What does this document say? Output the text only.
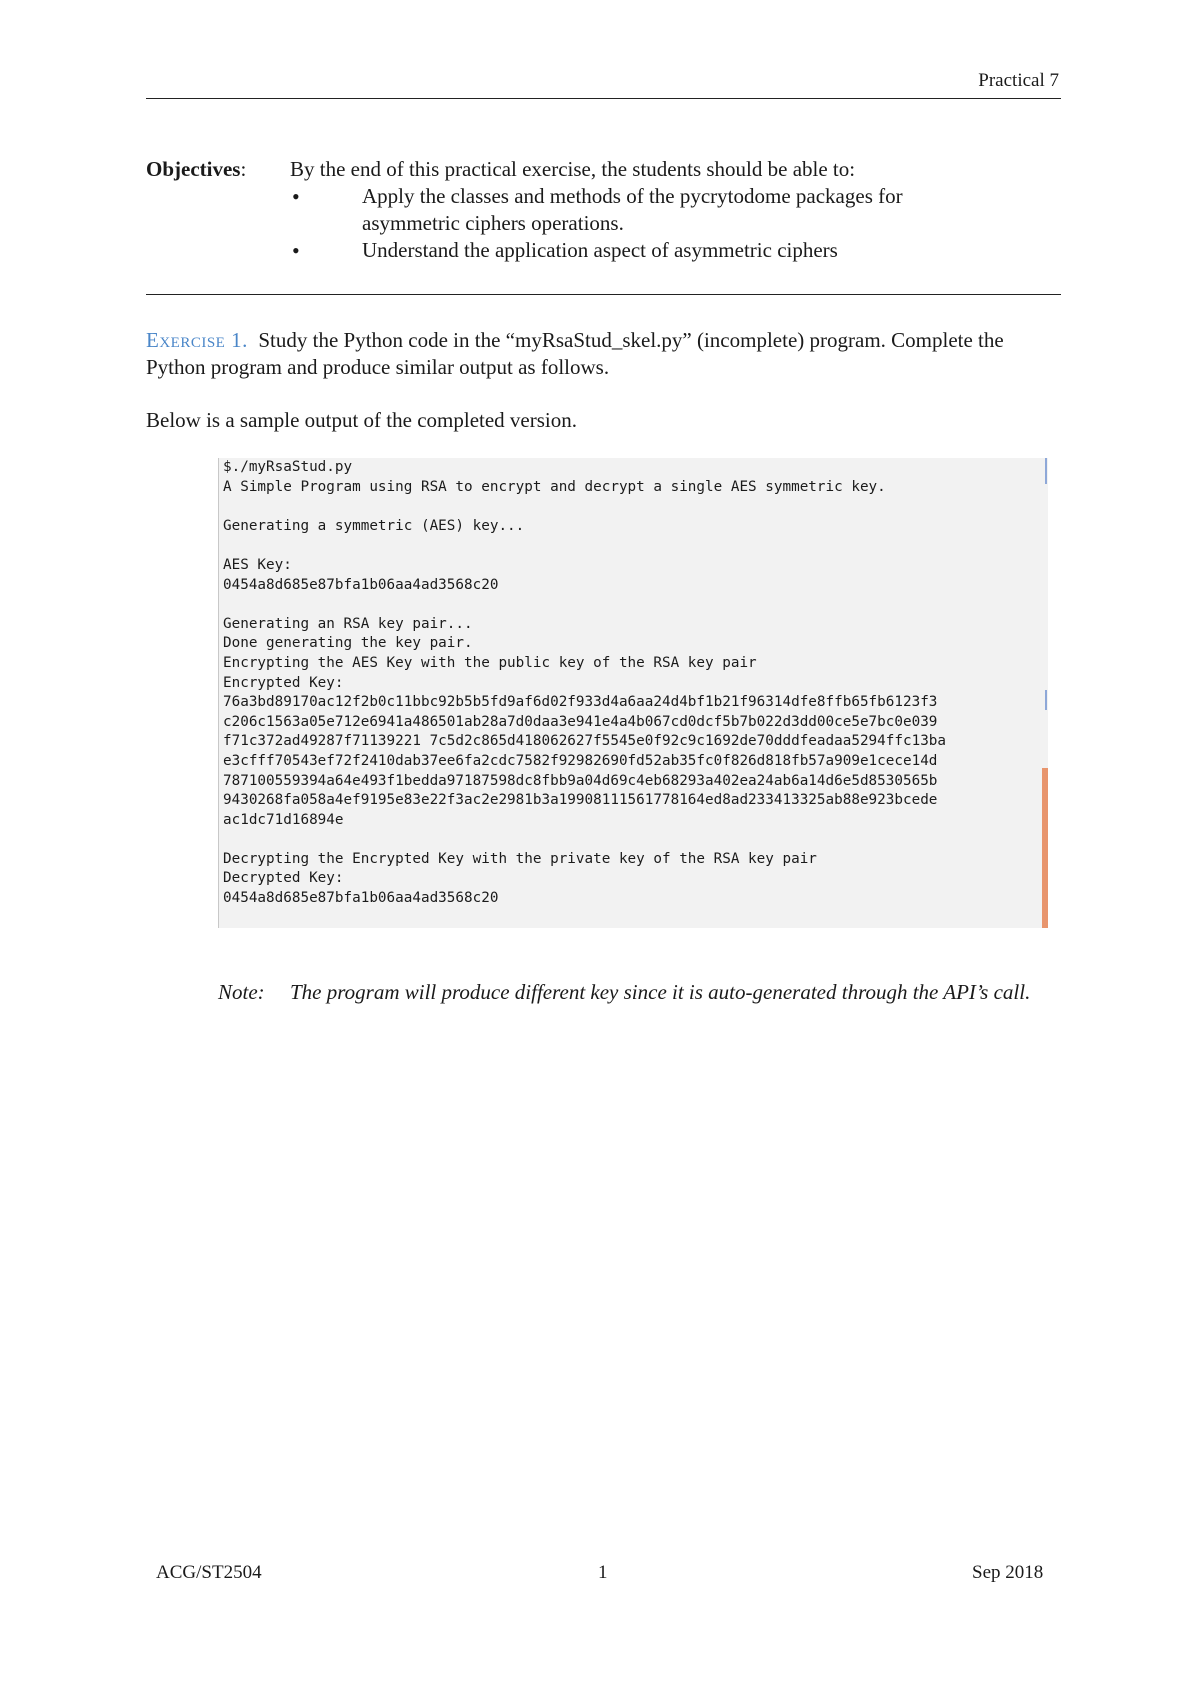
Practical 7
Objectives: By the end of this practical exercise, the students should be able to:
•	Apply the classes and methods of the pycrytodome packages for asymmetric ciphers operations.
•	Understand the application aspect of asymmetric ciphers
Exercise 1. Study the Python code in the “myRsaStud_skel.py” (incomplete) program. Complete the Python program and produce similar output as follows.
Below is a sample output of the completed version.
$./myRsaStud.py
A Simple Program using RSA to encrypt and decrypt a single AES symmetric key.
Generating a symmetric (AES) key...
AES Key:
0454a8d685e87bfa1b06aa4ad3568c20
Generating an RSA key pair...
Done generating the key pair.
Encrypting the AES Key with the public key of the RSA key pair
Encrypted Key:
76a3bd89170ac12f2b0c11bbc92b5b5fd9af6d02f933d4a6aa24d4bf1b21f96314dfe8ffb65fb6123f3
c206c1563a05e712e6941a486501ab28a7d0daa3e941e4a4b067cd0dcf5b7b022d3dd00ce5e7bc0e039
f71c372ad49287f71139221 7c5d2c865d418062627f5545e0f92c9c1692de70dddfeadaa5294ffc13ba
e3cfff70543ef72f2410dab37ee6fa2cdc7582f92982690fd52ab35fc0f826d818fb57a909e1cece14d
787100559394a64e493f1bedda97187598dc8fbb9a04d69c4eb68293a402ea24ab6a14d6e5d8530565b
9430268fa058a4ef9195e83e22f3ac2e2981b3a19908111561778164ed8ad233413325ab88e923bcede
ac1dc71d16894e
Decrypting the Encrypted Key with the private key of the RSA key pair
Decrypted Key:
0454a8d685e87bfa1b06aa4ad3568c20
Note: The program will produce different key since it is auto-generated through the API’s call.
ACG/ST2504	1	Sep 2018
